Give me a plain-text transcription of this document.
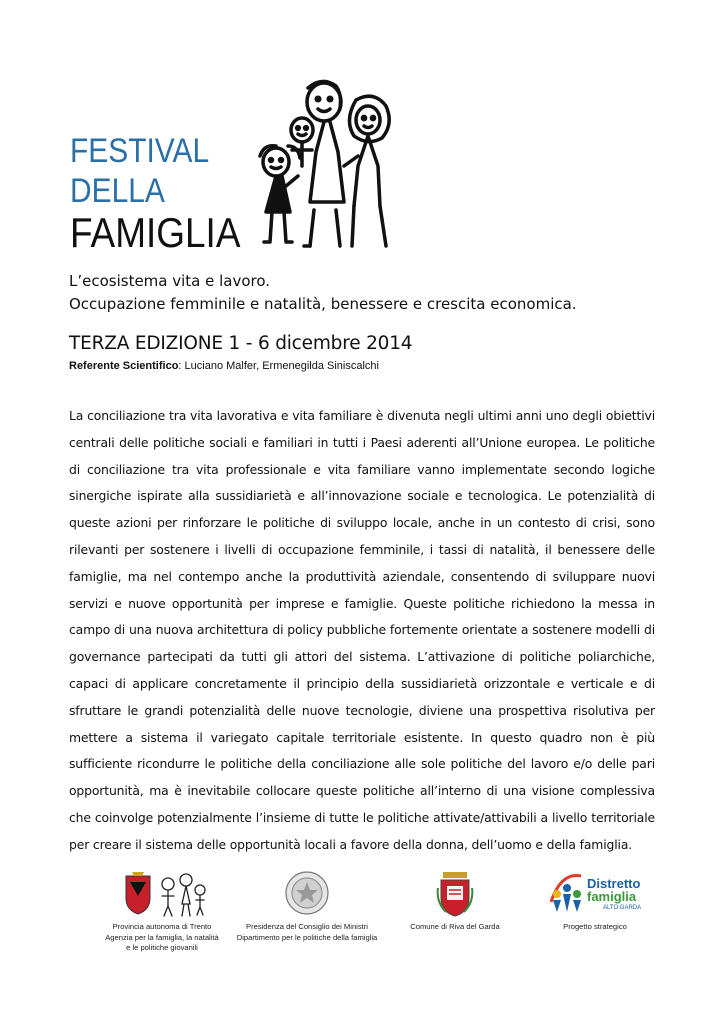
FESTIVAL
DELLA
FAMIGLIA
L’ecosistema vita e lavoro.
Occupazione femminile e natalità, benessere e crescita economica.
TERZA EDIZIONE 1 - 6 dicembre 2014
Referente Scientifico: Luciano Malfer, Ermenegilda Siniscalchi
La conciliazione tra vita lavorativa e vita familiare è divenuta negli ultimi anni uno degli obiettivi centrali delle politiche sociali e familiari in tutti i Paesi aderenti all’Unione europea. Le politiche di conciliazione tra vita professionale e vita familiare vanno implementate secondo logiche sinergiche ispirate alla sussidiarietà e all’innovazione sociale e tecnologica. Le potenzialità di queste azioni per rinforzare le politiche di sviluppo locale, anche in un contesto di crisi, sono rilevanti per sostenere i livelli di occupazione femminile, i tassi di natalità, il benessere delle famiglie, ma nel contempo anche la produttività aziendale, consentendo di sviluppare nuovi servizi e nuove opportunità per imprese e famiglie. Queste politiche richiedono la messa in campo di una nuova architettura di policy pubbliche fortemente orientate a sostenere modelli di governance partecipati da tutti gli attori del sistema. L’attivazione di politiche poliarchiche, capaci di applicare concretamente il principio della sussidiarietà orizzontale e verticale e di sfruttare le grandi potenzialità delle nuove tecnologie, diviene una prospettiva risolutiva per mettere a sistema il variegato capitale territoriale esistente. In questo quadro non è più sufficiente ricondurre le politiche della conciliazione alle sole politiche del lavoro e/o delle pari opportunità, ma è inevitabile collocare queste politiche all’interno di una visione complessiva che coinvolge potenzialmente l’insieme di tutte le politiche attivate/attivabili a livello territoriale per creare il sistema delle opportunità locali a favore della donna, dell’uomo e della famiglia.
Provincia autonoma di Trento
Agenzia per la famiglia, la natalità
e le politiche giovanili
Presidenza del Consiglio dei Ministri
Dipartimento per le politiche della famiglia
Comune di Riva del Garda
Distretto
famiglia
ALTO GARDA
Progetto strategico
